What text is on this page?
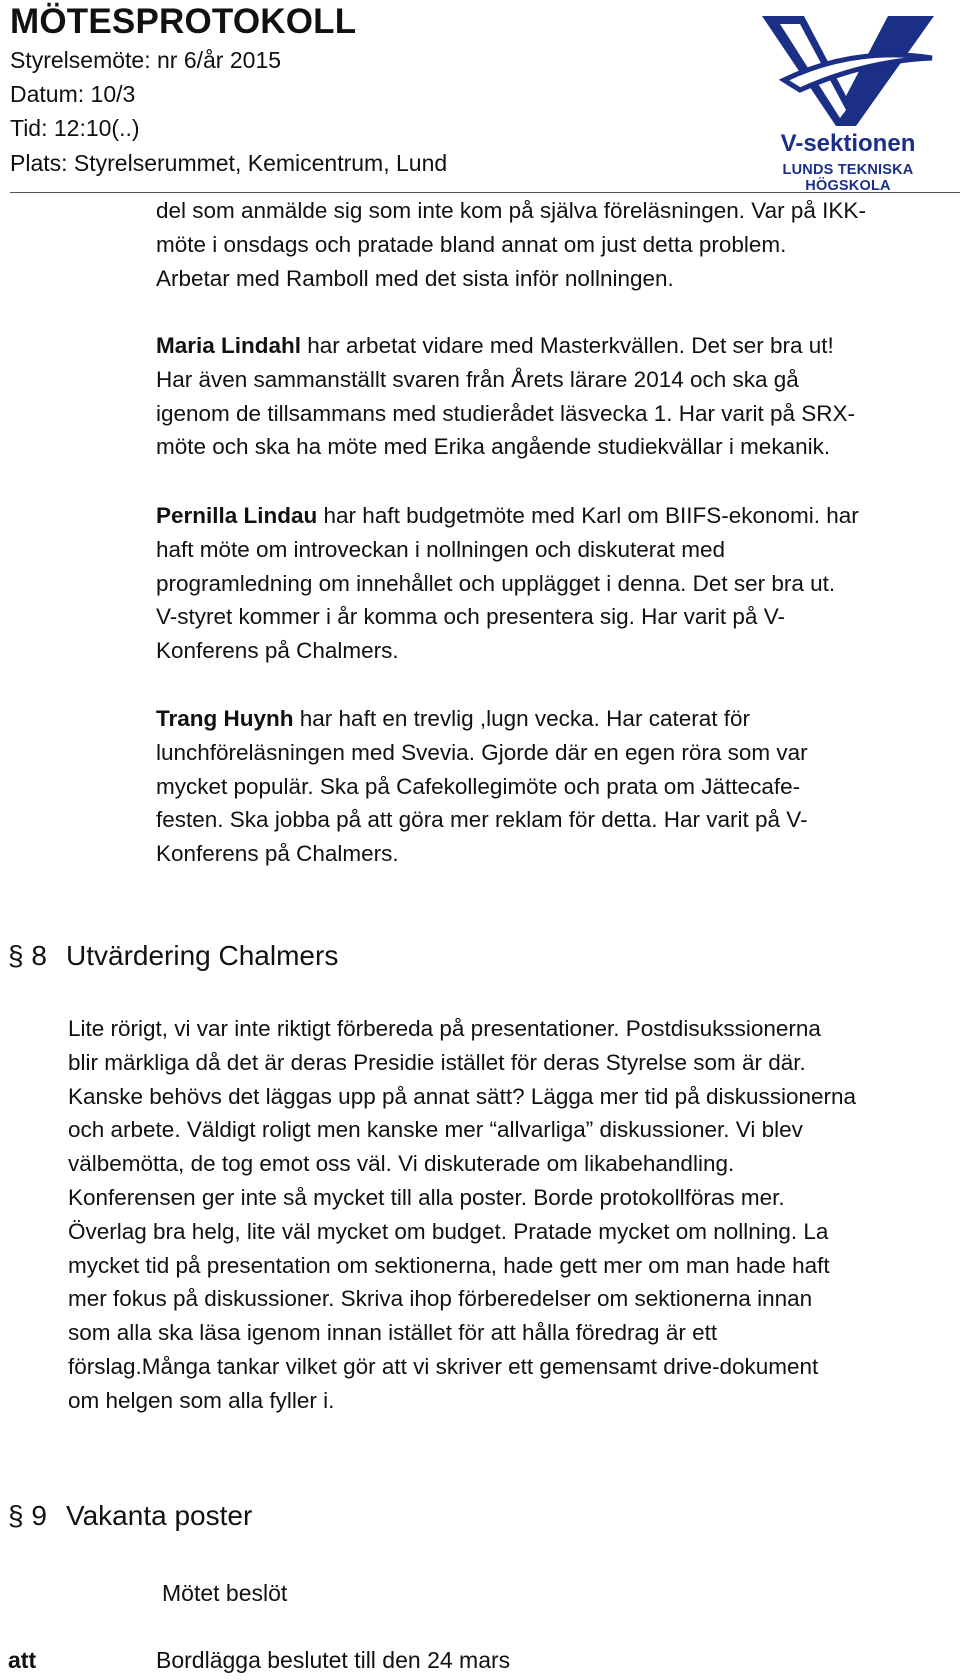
MÖTESPROTOKOLL
Styrelsemöte: nr 6/år 2015
Datum: 10/3
Tid: 12:10(..)
Plats: Styrelserummet, Kemicentrum, Lund
V-sektionen
LUNDS TEKNISKA HÖGSKOLA
del som anmälde sig som inte kom på själva föreläsningen. Var på IKK-
möte i onsdags och pratade bland annat om just detta problem.
Arbetar med Ramboll med det sista inför nollningen.
Maria Lindahl har arbetat vidare med Masterkvällen. Det ser bra ut!
Har även sammanställt svaren från Årets lärare 2014 och ska gå
igenom de tillsammans med studierådet läsvecka 1. Har varit på SRX-
möte och ska ha möte med Erika angående studiekvällar i mekanik.
Pernilla Lindau har haft budgetmöte med Karl om BIIFS-ekonomi. har
haft möte om introveckan i nollningen och diskuterat med
programledning om innehållet och upplägget i denna. Det ser bra ut.
V-styret kommer i år komma och presentera sig. Har varit på V-
Konferens på Chalmers.
Trang Huynh har haft en trevlig ,lugn vecka. Har caterat för
lunchföreläsningen med Svevia. Gjorde där en egen röra som var
mycket populär. Ska på Cafekollegimöte och prata om Jättecafe-
festen. Ska jobba på att göra mer reklam för detta. Har varit på V-
Konferens på Chalmers.
§ 8 Utvärdering Chalmers
Lite rörigt, vi var inte riktigt förbereda på presentationer. Postdisukssionerna
blir märkliga då det är deras Presidie istället för deras Styrelse som är där.
Kanske behövs det läggas upp på annat sätt? Lägga mer tid på diskussionerna
och arbete. Väldigt roligt men kanske mer “allvarliga” diskussioner. Vi blev
välbemötta, de tog emot oss väl. Vi diskuterade om likabehandling.
Konferensen ger inte så mycket till alla poster. Borde protokollföras mer.
Överlag bra helg, lite väl mycket om budget. Pratade mycket om nollning. La
mycket tid på presentation om sektionerna, hade gett mer om man hade haft
mer fokus på diskussioner. Skriva ihop förberedelser om sektionerna innan
som alla ska läsa igenom innan istället för att hålla föredrag är ett
förslag.Många tankar vilket gör att vi skriver ett gemensamt drive-dokument
om helgen som alla fyller i.
§ 9 Vakanta poster
Mötet beslöt
att	Bordlägga beslutet till den 24 mars
